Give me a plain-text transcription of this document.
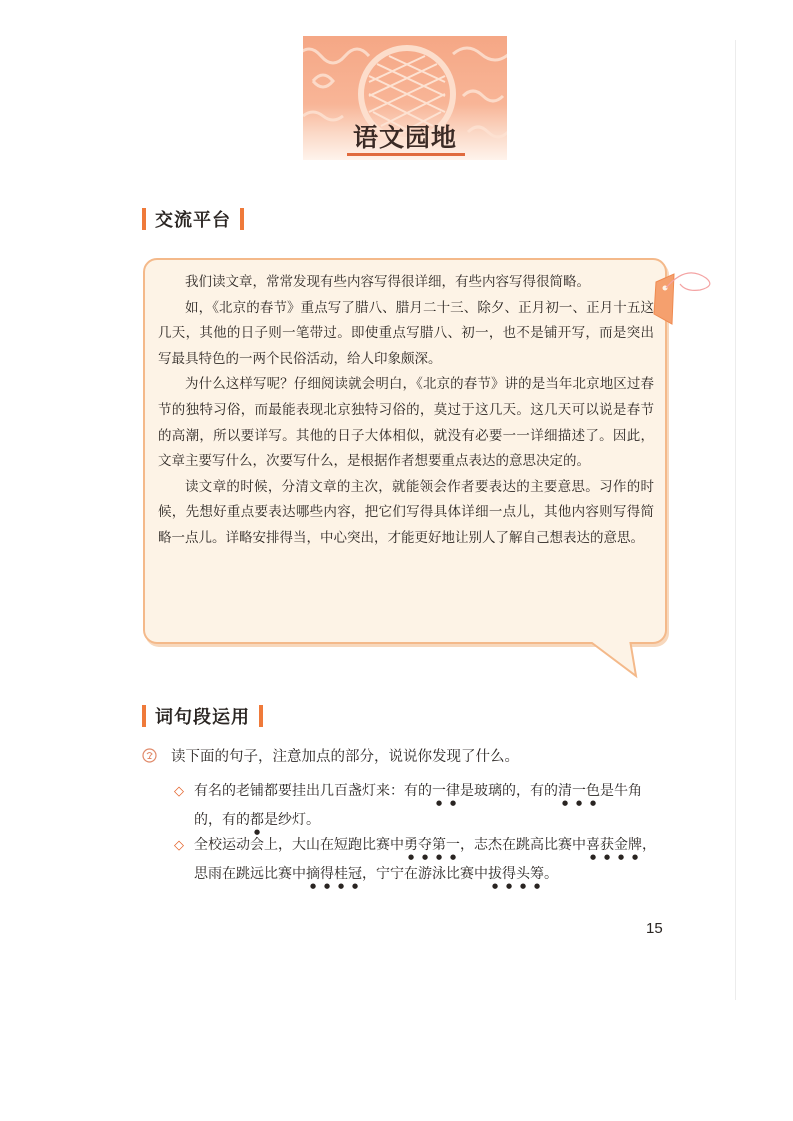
语文园地
交流平台

我们读文章，常常发现有些内容写得很详细，有些内容写得很简略。

如，《北京的春节》重点写了腊八、腊月二十三、除夕、正月初一、正月十五这几天，其他的日子则一笔带过。即使重点写腊八、初一，也不是铺开写，而是突出写最具特色的一两个民俗活动，给人印象颇深。

为什么这样写呢？仔细阅读就会明白，《北京的春节》讲的是当年北京地区过春节的独特习俗，而最能表现北京独特习俗的，莫过于这几天。这几天可以说是春节的高潮，所以要详写。其他的日子大体相似，就没有必要一一详细描述了。因此，文章主要写什么，次要写什么，是根据作者想要重点表达的意思决定的。

读文章的时候，分清文章的主次，就能领会作者要表达的主要意思。习作的时候，先想好重点要表达哪些内容，把它们写得具体详细一点儿，其他内容则写得简略一点儿。详略安排得当，中心突出，才能更好地让别人了解自己想表达的意思。

词句段运用
读下面的句子，注意加点的部分，说说你发现了什么。
◇ 有名的老铺都要挂出几百盏灯来：有的一律是玻璃的，有的清一色是牛角的，有的都是纱灯。
◇ 全校运动会上，大山在短跑比赛中勇夺第一，志杰在跳高比赛中喜获金牌，思雨在跳远比赛中摘得桂冠，宁宁在游泳比赛中拔得头筹。
15
